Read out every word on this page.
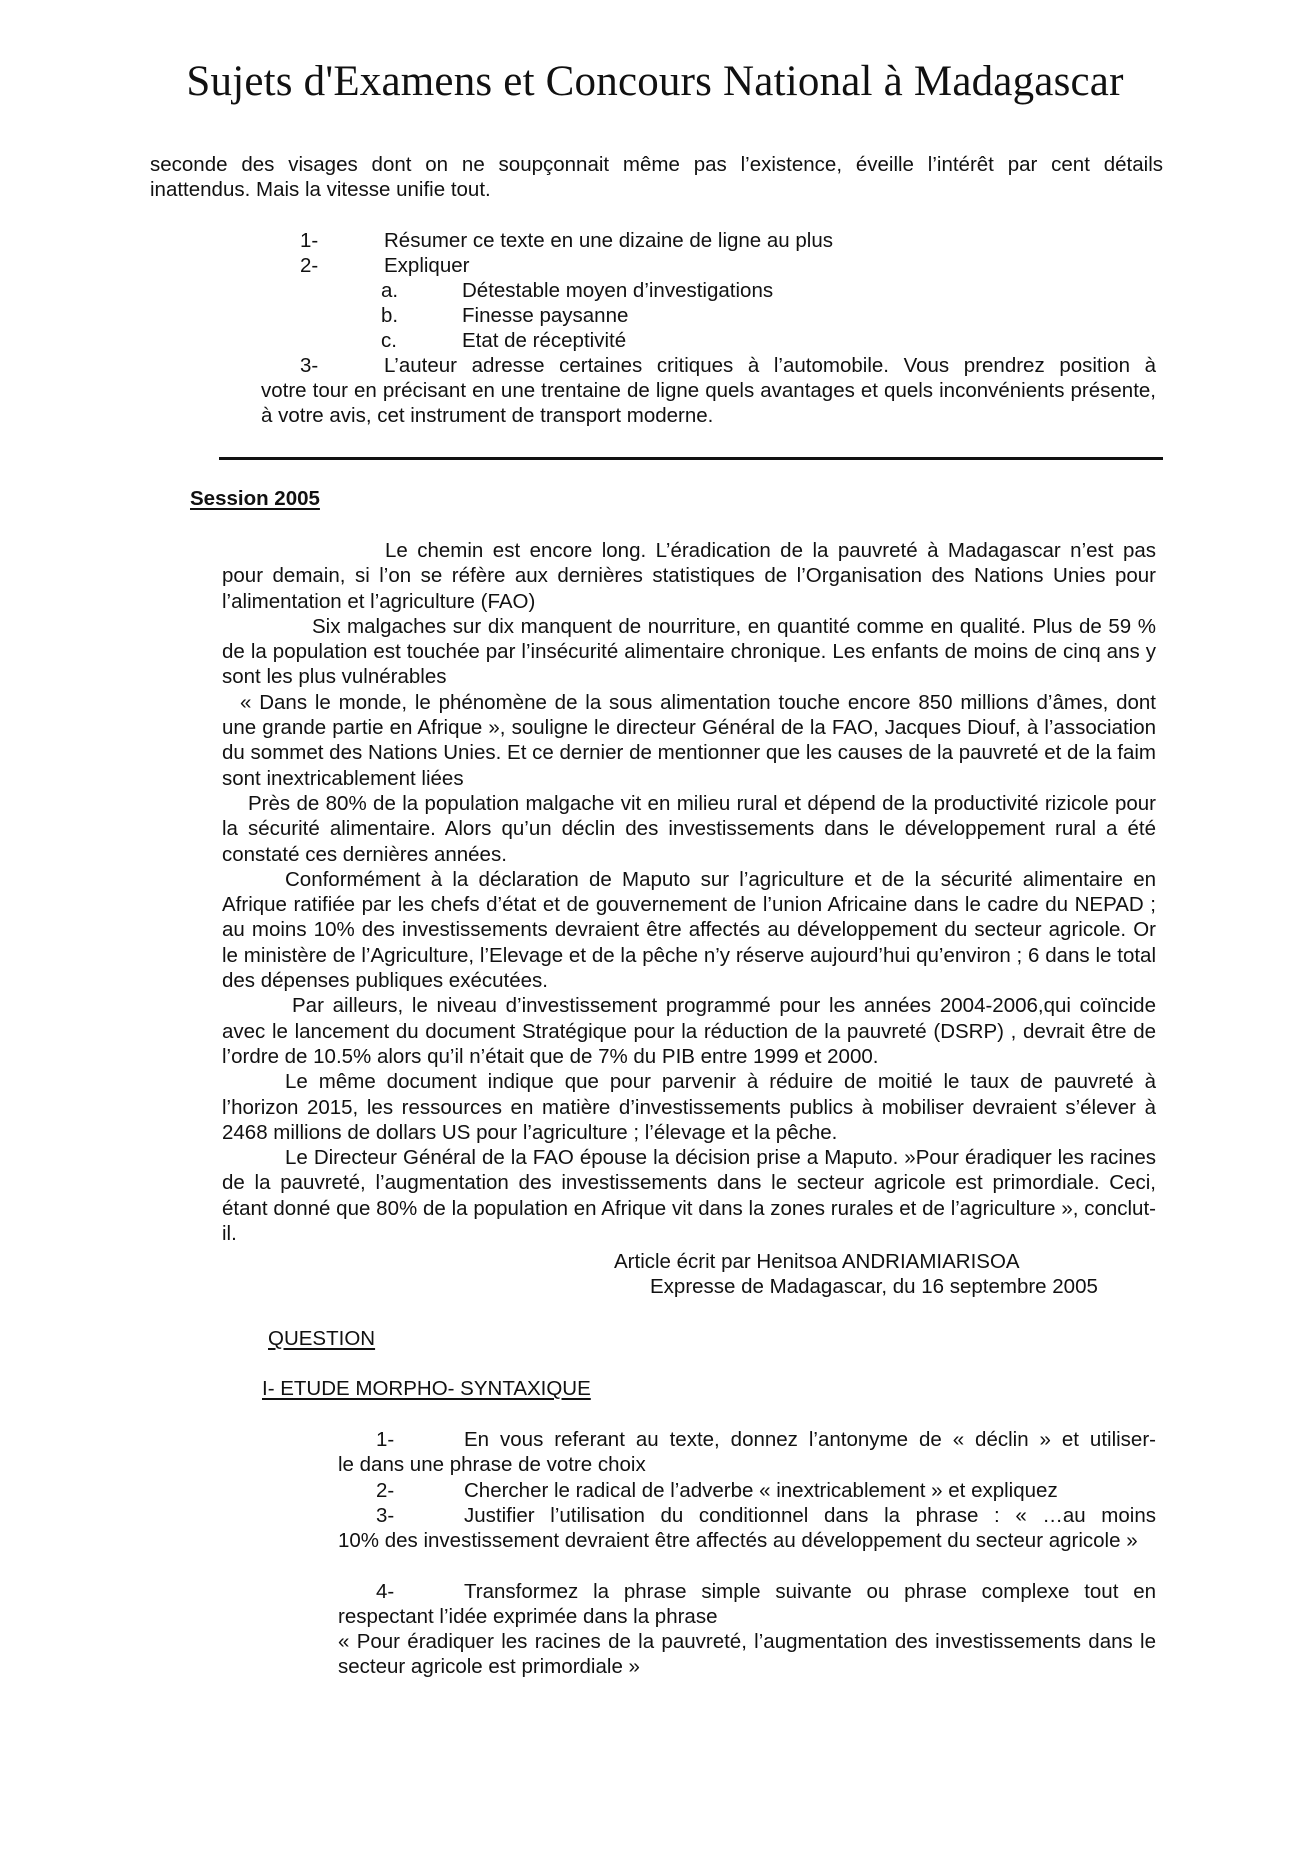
Sujets d'Examens et Concours National à Madagascar
seconde des visages dont on ne soupçonnait même pas l’existence, éveille l’intérêt par cent détails
inattendus. Mais la vitesse unifie tout.
1-	Résumer ce texte en une dizaine de ligne au plus
2-	Expliquer
a.	Détestable moyen d’investigations
b.	Finesse paysanne
c.	Etat de réceptivité
3-	L’auteur adresse certaines critiques à l’automobile. Vous prendrez position à
votre tour en précisant en une trentaine de ligne quels avantages et quels inconvénients présente, à votre avis, cet instrument de transport moderne.
Session 2005

Le chemin est encore long. L’éradication de la pauvreté à Madagascar n’est pas pour demain, si l’on se réfère aux dernières statistiques de l’Organisation des Nations Unies pour l’alimentation et l’agriculture (FAO)

Six malgaches sur dix manquent de nourriture, en quantité comme en qualité. Plus de 59 % de la population est touchée par l’insécurité alimentaire chronique. Les enfants de moins de cinq ans y sont les plus vulnérables

« Dans le monde, le phénomène de la sous alimentation touche encore 850 millions d’âmes, dont une grande partie en Afrique », souligne le directeur Général de la FAO, Jacques Diouf, à l’association du sommet des Nations Unies. Et ce dernier de mentionner que les causes de la pauvreté et de la faim sont inextricablement liées

Près de 80% de la population malgache vit en milieu rural et dépend de la productivité rizicole pour la sécurité alimentaire. Alors qu’un déclin des investissements dans le développement rural a été constaté ces dernières années.

Conformément à la déclaration de Maputo sur l’agriculture et de la sécurité alimentaire en Afrique ratifiée par les chefs d’état et de gouvernement de l’union Africaine dans le cadre du NEPAD ; au moins 10% des investissements devraient être affectés au développement du secteur agricole. Or le ministère de l’Agriculture, l’Elevage et de la pêche n’y réserve aujourd’hui qu’environ ; 6 dans le total des dépenses publiques exécutées.

Par ailleurs, le niveau d’investissement programmé pour les années 2004-2006,qui coïncide avec le lancement du document Stratégique pour la réduction de la pauvreté (DSRP) , devrait être de l’ordre de 10.5% alors qu’il n’était que de 7% du PIB entre 1999 et 2000.

Le même document indique que pour parvenir à réduire de moitié le taux de pauvreté à l’horizon 2015, les ressources en matière d’investissements publics à mobiliser devraient s’élever à 2468 millions de dollars US pour l’agriculture ; l’élevage et la pêche.

Le Directeur Général de la FAO épouse la décision prise a Maputo. »Pour éradiquer les racines de la pauvreté, l’augmentation des investissements dans le secteur agricole est primordiale. Ceci, étant donné que 80% de la population en Afrique vit dans la zones rurales et de l’agriculture », conclut-il.

Article écrit par Henitsoa ANDRIAMIARISOA
Expresse de Madagascar, du 16 septembre 2005
QUESTION
I- ETUDE MORPHO- SYNTAXIQUE
1-	En vous referant au texte, donnez l’antonyme de « déclin » et utiliser-
le dans une phrase de votre choix
2-	Chercher le radical de l’adverbe « inextricablement » et expliquez
3-	Justifier l’utilisation du conditionnel dans la phrase : « …au moins
10% des investissement devraient être affectés au développement du secteur agricole »
4-	Transformez la phrase simple suivante ou phrase complexe tout en
respectant l’idée exprimée dans la phrase
« Pour éradiquer les racines de la pauvreté, l’augmentation des investissements dans le secteur agricole est primordiale »
